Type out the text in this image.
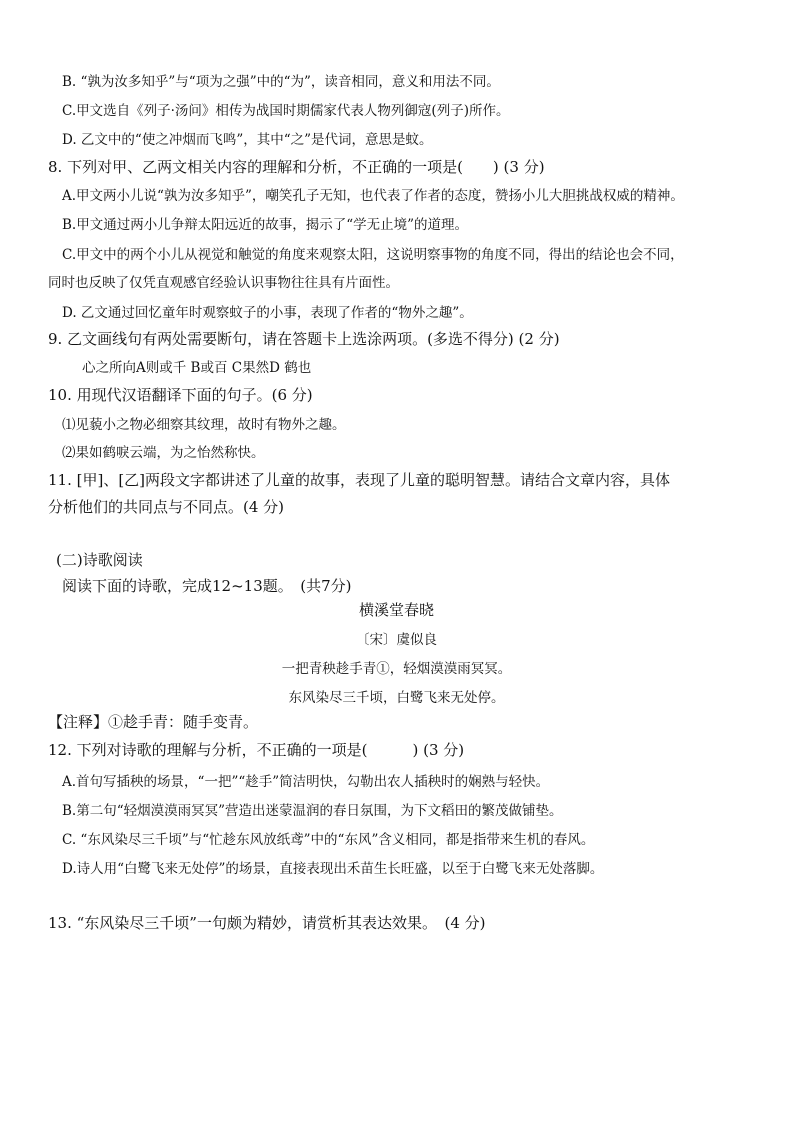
B. “孰为汝多知乎”与“项为之强”中的“为”，读音相同，意义和用法不同。
C.甲文选自《列子·汤问》相传为战国时期儒家代表人物列御寇(列子)所作。
D. 乙文中的“使之冲烟而飞鸣”，其中“之”是代词，意思是蚊。
8. 下列对甲、乙两文相关内容的理解和分析，不正确的一项是(　　) (3 分)
A.甲文两小儿说“孰为汝多知乎”，嘲笑孔子无知，也代表了作者的态度，赞扬小儿大胆挑战权威的精神。
B.甲文通过两小儿争辩太阳远近的故事，揭示了“学无止境”的道理。
C.甲文中的两个小儿从视觉和触觉的角度来观察太阳，这说明察事物的角度不同，得出的结论也会不同，
同时也反映了仅凭直观感官经验认识事物往往具有片面性。
D. 乙文通过回忆童年时观察蚊子的小事，表现了作者的“物外之趣”。
9. 乙文画线句有两处需要断句，请在答题卡上选涂两项。(多选不得分) (2 分)
心之所向A则或千 B或百 C果然D 鹤也
10. 用现代汉语翻译下面的句子。(6 分)
⑴见藐小之物必细察其纹理，故时有物外之趣。
⑵果如鹤唳云端，为之怡然称快。
11. [甲]、[乙]两段文字都讲述了儿童的故事，表现了儿童的聪明智慧。请结合文章内容，具体
分析他们的共同点与不同点。(4 分)
(二)诗歌阅读
阅读下面的诗歌，完成12~13题。　(共7分)
横溪堂春晓
〔宋〕虞似良
一把青秧趁手青①，轻烟漠漠雨冥冥。
东风染尽三千顷，白鹭飞来无处停。
【注释】①趁手青：随手变青。
12. 下列对诗歌的理解与分析，不正确的一项是(　　　) (3 分)
A.首句写插秧的场景，“一把”“趁手”简洁明快，勾勒出农人插秧时的娴熟与轻快。
B.第二句“轻烟漠漠雨冥冥”营造出迷蒙温润的春日氛围，为下文稻田的繁茂做铺垫。
C. “东风染尽三千顷”与“忙趁东风放纸鸢”中的“东风”含义相同，都是指带来生机的春风。
D.诗人用“白鹭飞来无处停”的场景，直接表现出禾苗生长旺盛，以至于白鹭飞来无处落脚。
13. “东风染尽三千顷”一句颇为精妙，请赏析其表达效果。　(4 分)
